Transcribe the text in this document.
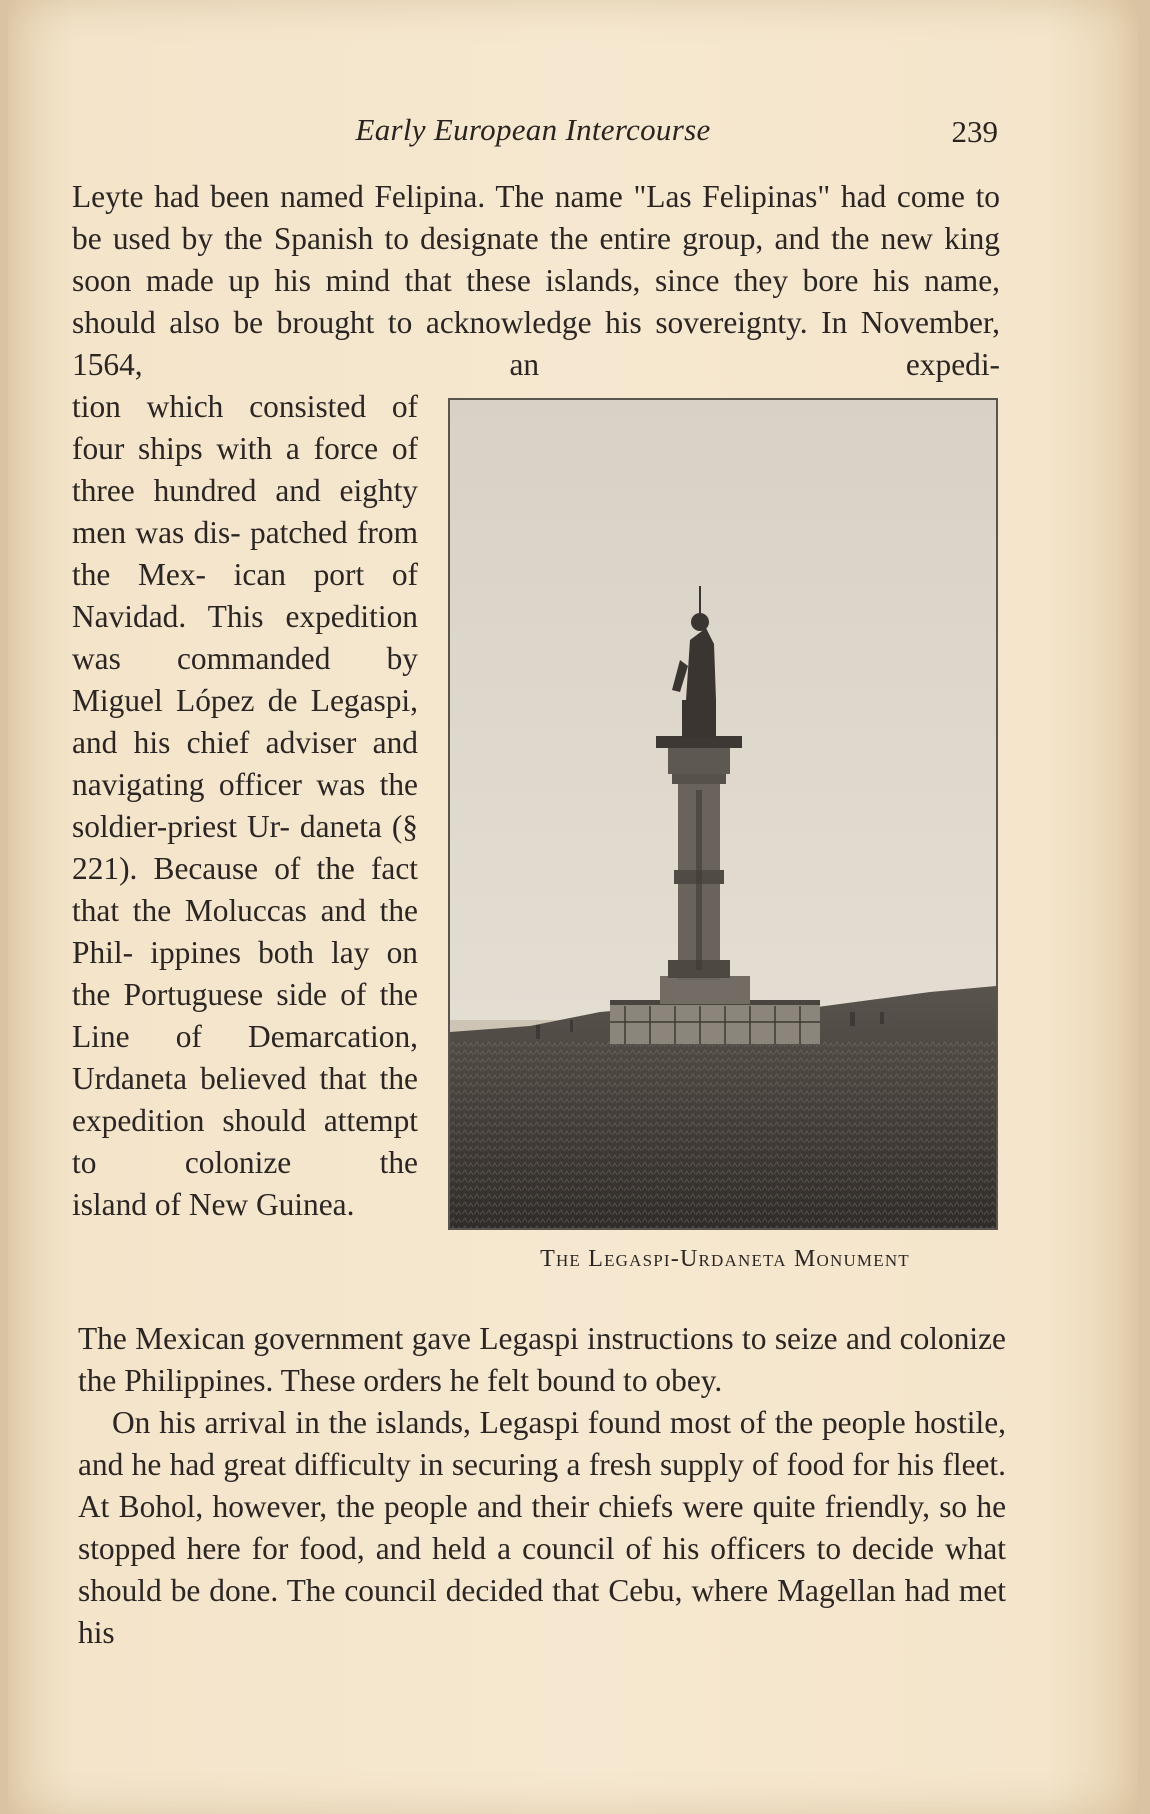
Early European Intercourse	239
Leyte had been named Felipina. The name "Las Felipinas" had come to be used by the Spanish to designate the entire group, and the new king soon made up his mind that these islands, since they bore his name, should also be brought to acknowledge his sovereignty. In November, 1564, an expedi-
tion which consisted of four ships with a force of three hundred and eighty men was dis- patched from the Mex- ican port of Navidad. This expedition was commanded by Miguel López de Legaspi, and his chief adviser and navigating officer was the soldier-priest Ur- daneta (§ 221). Because of the fact that the Moluccas and the Phil- ippines both lay on the Portuguese side of the Line of Demarcation, Urdaneta believed that the expedition should attempt to colonize the
island of New Guinea.
The Legaspi-Urdaneta Monument

The Mexican government gave Legaspi instructions to seize and colonize the Philippines. These orders he felt bound to obey.

On his arrival in the islands, Legaspi found most of the people hostile, and he had great difficulty in securing a fresh supply of food for his fleet. At Bohol, however, the people and their chiefs were quite friendly, so he stopped here for food, and held a council of his officers to decide what should be done. The council decided that Cebu, where Magellan had met his
